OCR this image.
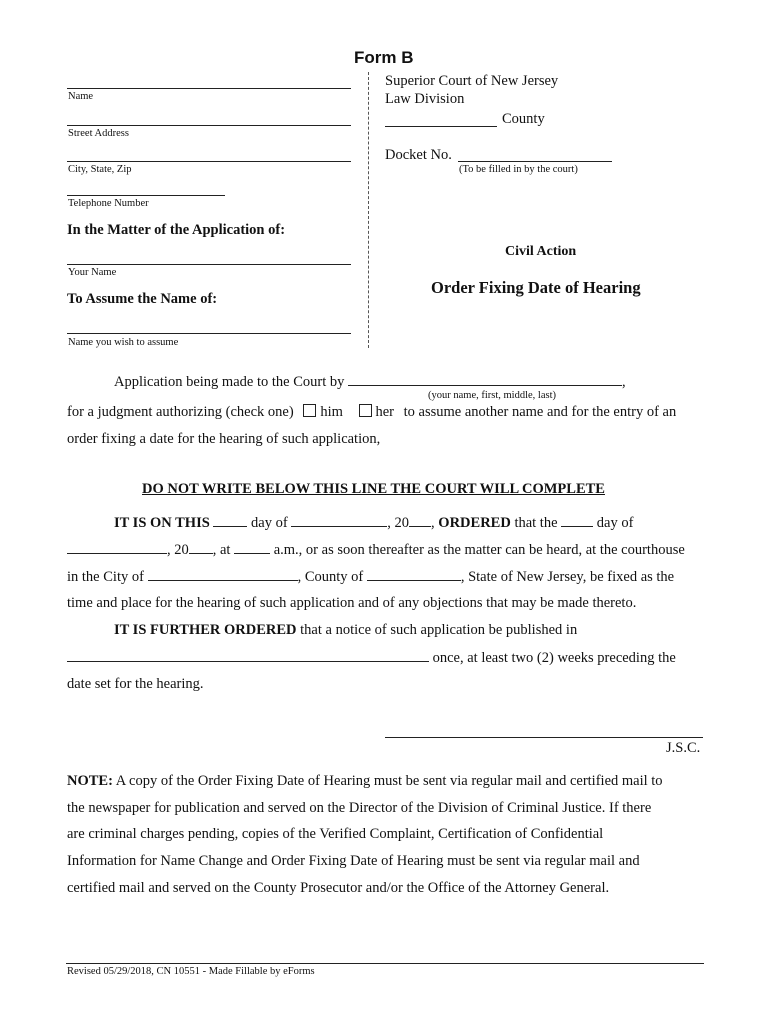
Form B
Name
Street Address
City, State, Zip
Telephone Number
In the Matter of the Application of:
Your Name
To Assume the Name of:
Name you wish to assume
Superior Court of New Jersey
Law Division
County
Docket No.
(To be filled in by the court)
Civil Action
Order Fixing Date of Hearing
Application being made to the Court by	,
(your name, first, middle, last)
for a judgment authorizing (check one) him her to assume another name and for the entry of an
order fixing a date for the hearing of such application,
DO NOT WRITE BELOW THIS LINE THE COURT WILL COMPLETE
IT IS ON THIS	day of	, 20 , ORDERED that the	day of
, 20 , at	a.m., or as soon thereafter as the matter can be heard, at the courthouse
in the City of	, County of	, State of New Jersey, be fixed as the
time and place for the hearing of such application and of any objections that may be made thereto.
IT IS FURTHER ORDERED that a notice of such application be published in
once, at least two (2) weeks preceding the
date set for the hearing.
J.S.C.
NOTE: A copy of the Order Fixing Date of Hearing must be sent via regular mail and certified mail to
the newspaper for publication and served on the Director of the Division of Criminal Justice. If there
are criminal charges pending, copies of the Verified Complaint, Certification of Confidential
Information for Name Change and Order Fixing Date of Hearing must be sent via regular mail and
certified mail and served on the County Prosecutor and/or the Office of the Attorney General.
Revised 05/29/2018, CN 10551 - Made Fillable by eForms
